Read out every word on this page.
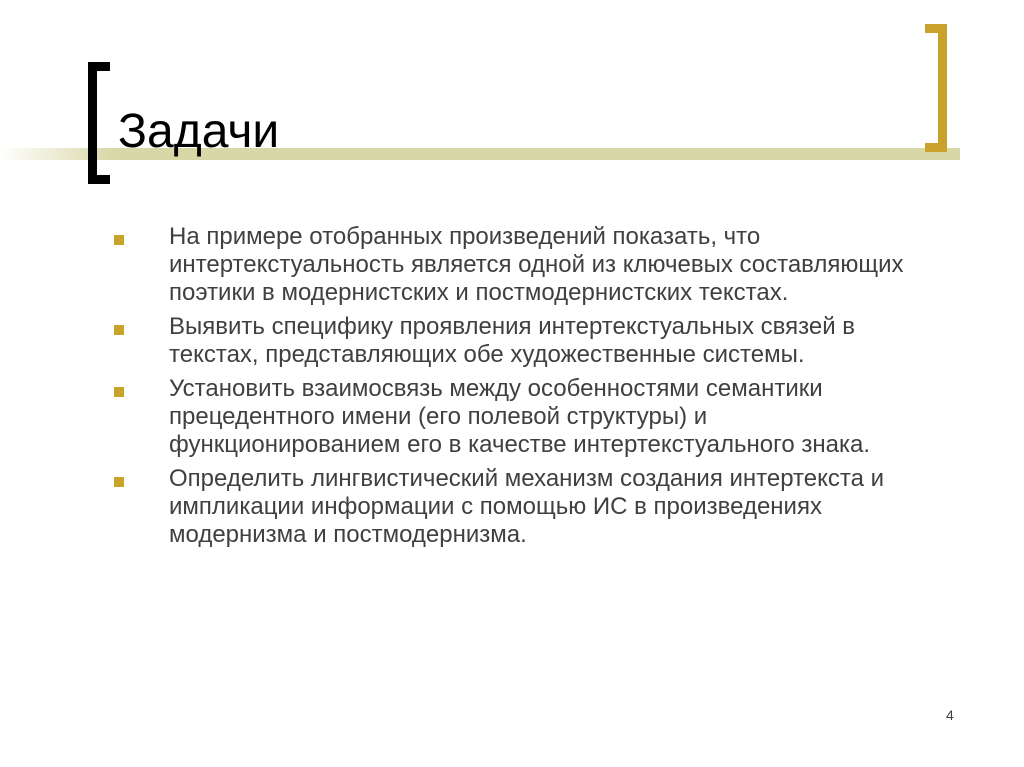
Задачи
На примере отобранных произведений показать, что интертекстуальность является одной из ключевых составляющих поэтики в модернистских и постмодернистских текстах.
Выявить специфику проявления интертекстуальных связей в текстах, представляющих обе художественные системы.
Установить взаимосвязь между особенностями семантики прецедентного имени (его полевой структуры) и функционированием его в качестве интертекстуального знака.
Определить лингвистический механизм создания интертекста и импликации информации с помощью ИС в произведениях модернизма и постмодернизма.
4
